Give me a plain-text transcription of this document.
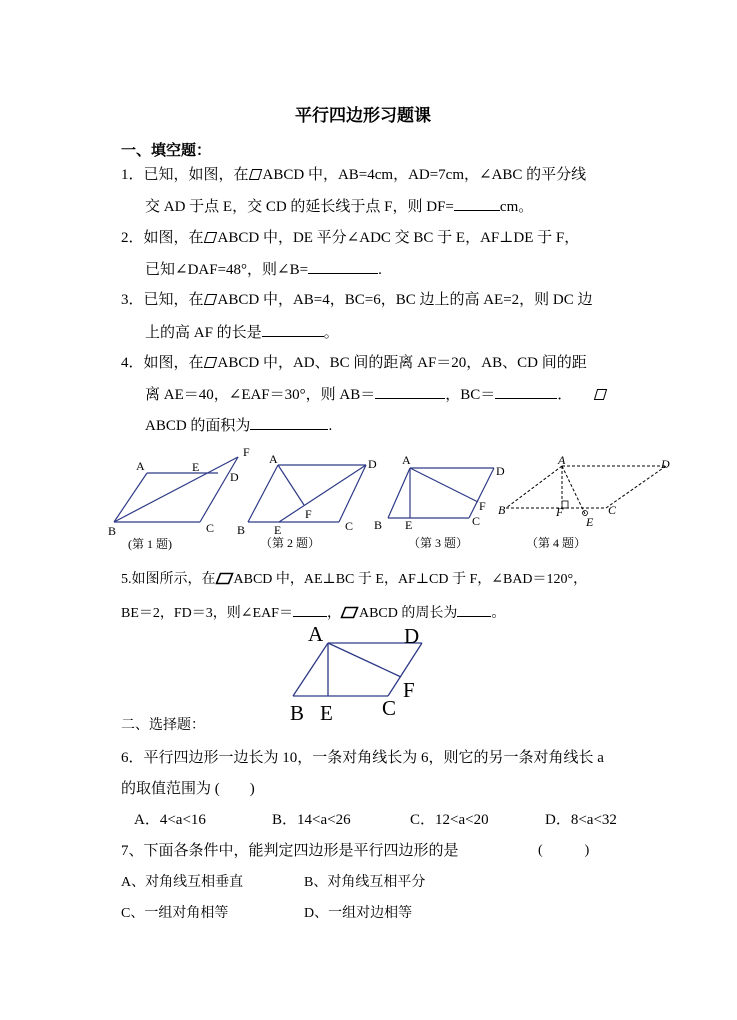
平行四边形习题课
一、填空题：
1．已知，如图，在 ABCD 中，AB=4cm，AD=7cm，∠ABC 的平分线
交 AD 于点 E，交 CD 的延长线于点 F，则 DF=	cm。
2．如图，在 ABCD 中，DE 平分∠ADC 交 BC 于 E，AF⊥DE 于 F，
已知∠DAF=48°，则∠B=	.
3．已知，在 ABCD 中，AB=4，BC=6，BC 边上的高 AE=2，则 DC 边
上的高 AF 的长是	。
4．如图，在 ABCD 中，AD、BC 间的距离 AF＝20，AB、CD 间的距
离 AE＝40，∠EAF＝30°，则 AB＝	，BC＝	．
ABCD 的面积为	.
A	E
F
D
B	C
(第 1 题)
A	D
F
B E	C
（第 2 题）
A
D
F
B E	C
（第 3 题）
A	D
B	F	C
E
（第 4 题）
5.如图所示，在 ABCD 中，AE⊥BC 于 E，AF⊥CD 于 F，∠BAD＝120°，
BE＝2，FD＝3，则∠EAF＝ ， ABCD 的周长为 。
A	D
F
B E C
二、选择题：
6．平行四边形一边长为 10，一条对角线长为 6，则它的另一条对角线长 a
的取值范围为 (　　)
A．4<a<16	B．14<a<26	C．12<a<20	D．8<a<32
7、下面各条件中，能判定四边形是平行四边形的是	(　　　)
A、对角线互相垂直	B、对角线互相平分
C、一组对角相等	D、一组对边相等
